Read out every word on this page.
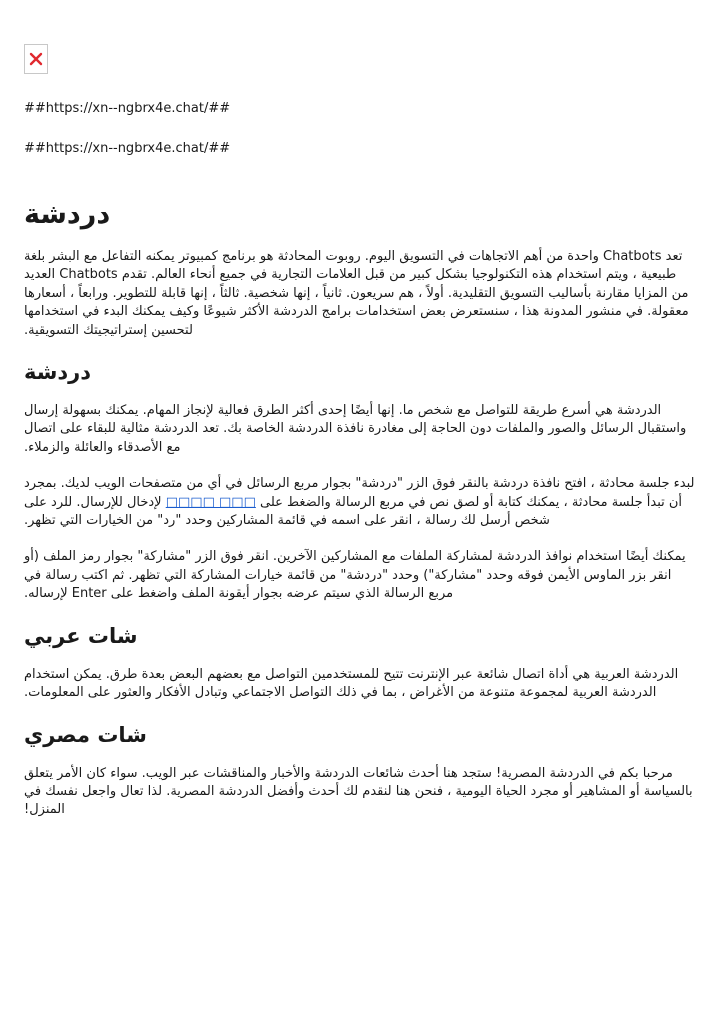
##https://xn--ngbrx4e.chat/##

##https://xn--ngbrx4e.chat/##

دردشة

تعد Chatbots واحدة من أهم الاتجاهات في التسويق اليوم. روبوت المحادثة هو برنامج كمبيوتر يمكنه التفاعل مع البشر بلغة طبيعية ، ويتم استخدام هذه التكنولوجيا بشكل كبير من قبل العلامات التجارية في جميع أنحاء العالم. تقدم Chatbots العديد من المزايا مقارنة بأساليب التسويق التقليدية. أولاً ، هم سريعون. ثانياً ، إنها شخصية. ثالثاً ، إنها قابلة للتطوير. ورابعاً ، أسعارها معقولة. في منشور المدونة هذا ، سنستعرض بعض استخدامات برامج الدردشة الأكثر شيوعًا وكيف يمكنك البدء في استخدامها لتحسين إستراتيجيتك التسويقية.

دردشة

الدردشة هي أسرع طريقة للتواصل مع شخص ما. إنها أيضًا إحدى أكثر الطرق فعالية لإنجاز المهام. يمكنك بسهولة إرسال واستقبال الرسائل والصور والملفات دون الحاجة إلى مغادرة نافذة الدردشة الخاصة بك. تعد الدردشة مثالية للبقاء على اتصال مع الأصدقاء والعائلة والزملاء.

لبدء جلسة محادثة ، افتح نافذة دردشة بالنقر فوق الزر "دردشة" بجوار مربع الرسائل في أي من متصفحات الويب لديك. بمجرد أن تبدأ جلسة محادثة ، يمكنك كتابة أو لصق نص في مربع الرسالة والضغط على □□□ □□□□ لإدخال للإرسال. للرد على شخص أرسل لك رسالة ، انقر على اسمه في قائمة المشاركين وحدد "رد" من الخيارات التي تظهر.

يمكنك أيضًا استخدام نوافذ الدردشة لمشاركة الملفات مع المشاركين الآخرين. انقر فوق الزر "مشاركة" بجوار رمز الملف (أو انقر بزر الماوس الأيمن فوقه وحدد "مشاركة") وحدد "دردشة" من قائمة خيارات المشاركة التي تظهر. ثم اكتب رسالة في مربع الرسالة الذي سيتم عرضه بجوار أيقونة الملف واضغط على Enter لإرساله.

شات عربي

الدردشة العربية هي أداة اتصال شائعة عبر الإنترنت تتيح للمستخدمين التواصل مع بعضهم البعض بعدة طرق. يمكن استخدام الدردشة العربية لمجموعة متنوعة من الأغراض ، بما في ذلك التواصل الاجتماعي وتبادل الأفكار والعثور على المعلومات.

شات مصري

مرحبا بكم في الدردشة المصرية! ستجد هنا أحدث شائعات الدردشة والأخبار والمناقشات عبر الويب. سواء كان الأمر يتعلق بالسياسة أو المشاهير أو مجرد الحياة اليومية ، فنحن هنا لنقدم لك أحدث وأفضل الدردشة المصرية. لذا تعال واجعل نفسك في المنزل!
